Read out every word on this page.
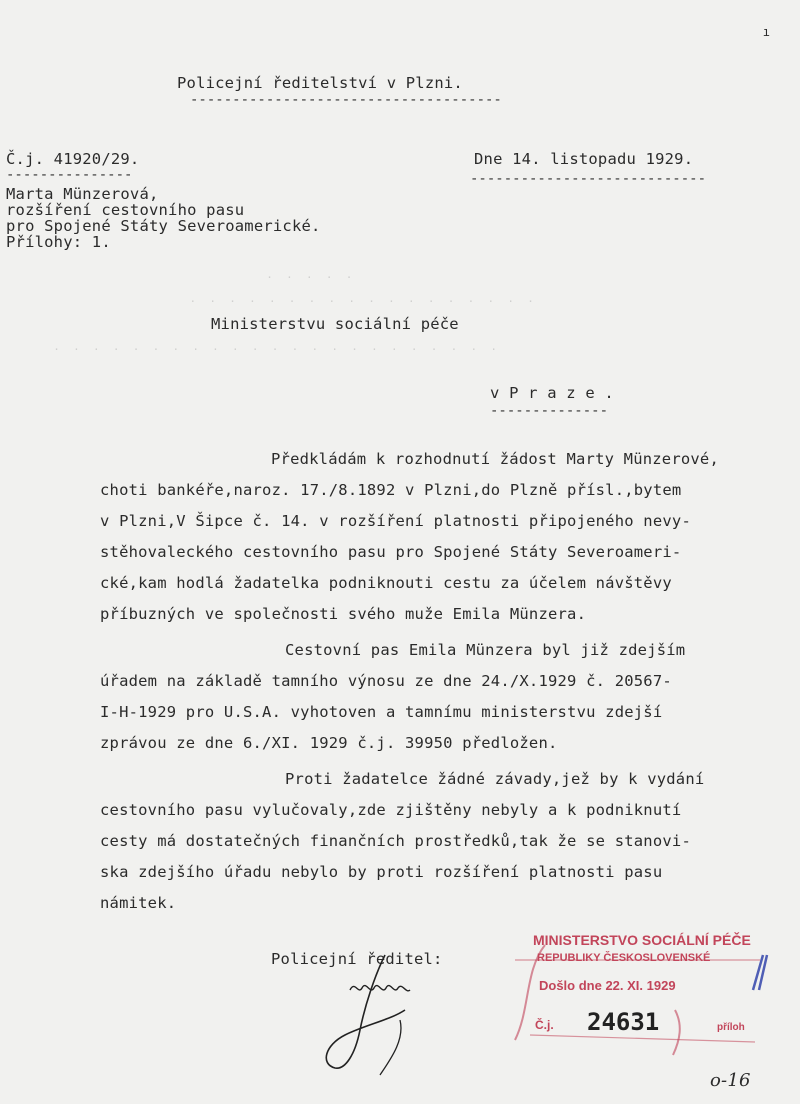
.  .  .  .  .
.  .  .  .  .  .  .  .  .  .  .  .  .  .  .  .  .  .
.  .  .  .  .  .  .  .  .  .  .  .  .  .  .  .  .  .  .  .  .  .  .
ı
Policejní ředitelství v Plzni.
-------------------------------------
Č.j. 41920/29.
---------------
Dne 14. listopadu 1929.
----------------------------
Marta Münzerová,
rozšíření cestovního pasu
pro Spojené Státy Severoamerické.
Přílohy: 1.
Ministerstvu sociální péče
v P r a z e .
--------------
Předkládám k rozhodnutí žádost Marty Münzerové,
choti bankéře,naroz. 17./8.1892 v Plzni,do Plzně přísl.,bytem
v Plzni,V Šipce č. 14. v rozšíření platnosti připojeného nevy-
stěhovaleckého cestovního pasu pro Spojené Státy Severoameri-
cké,kam hodlá žadatelka podniknouti cestu za účelem návštěvy
příbuzných ve společnosti svého muže Emila Münzera.
Cestovní pas Emila Münzera byl již zdejším
úřadem na základě tamního výnosu ze dne 24./X.1929 č. 20567-
I-H-1929 pro U.S.A. vyhotoven a tamnímu ministerstvu zdejší
zprávou ze dne 6./XI. 1929 č.j. 39950 předložen.
Proti žadatelce žádné závady,jež by k vydání
cestovního pasu vylučovaly,zde zjištěny nebyly a k podniknutí
cesty má dostatečných finančních prostředků,tak že se stanovi-
ska zdejšího úřadu nebylo by proti rozšíření platnosti pasu
námitek.
Policejní ředitel:
MINISTERSTVO SOCIÁLNÍ PÉČE
REPUBLIKY ČESKOSLOVENSKÉ
Došlo dne 22. XI. 1929
Č.j. 24631	příloh
o-16
